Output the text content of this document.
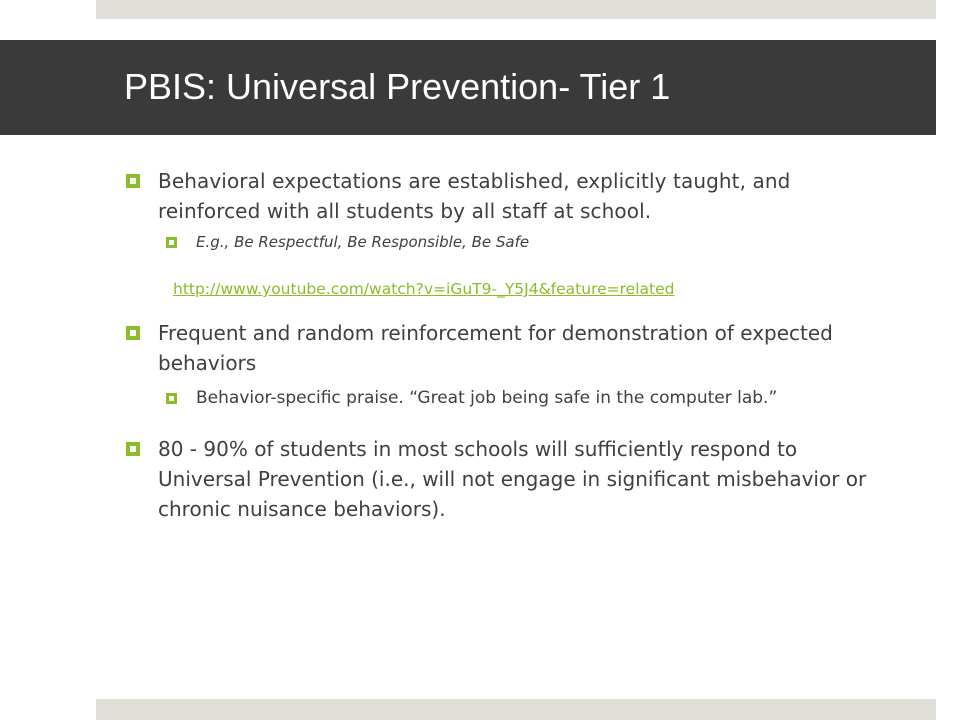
PBIS: Universal Prevention- Tier 1
Behavioral expectations are established, explicitly taught, and reinforced with all students by all staff at school.
E.g., Be Respectful, Be Responsible, Be Safe
http://www.youtube.com/watch?v=iGuT9-_Y5J4&feature=related
Frequent and random reinforcement for demonstration of expected behaviors
Behavior-specific praise. “Great job being safe in the computer lab.”
80 - 90% of students in most schools will sufficiently respond to Universal Prevention (i.e., will not engage in significant misbehavior or chronic nuisance behaviors).
